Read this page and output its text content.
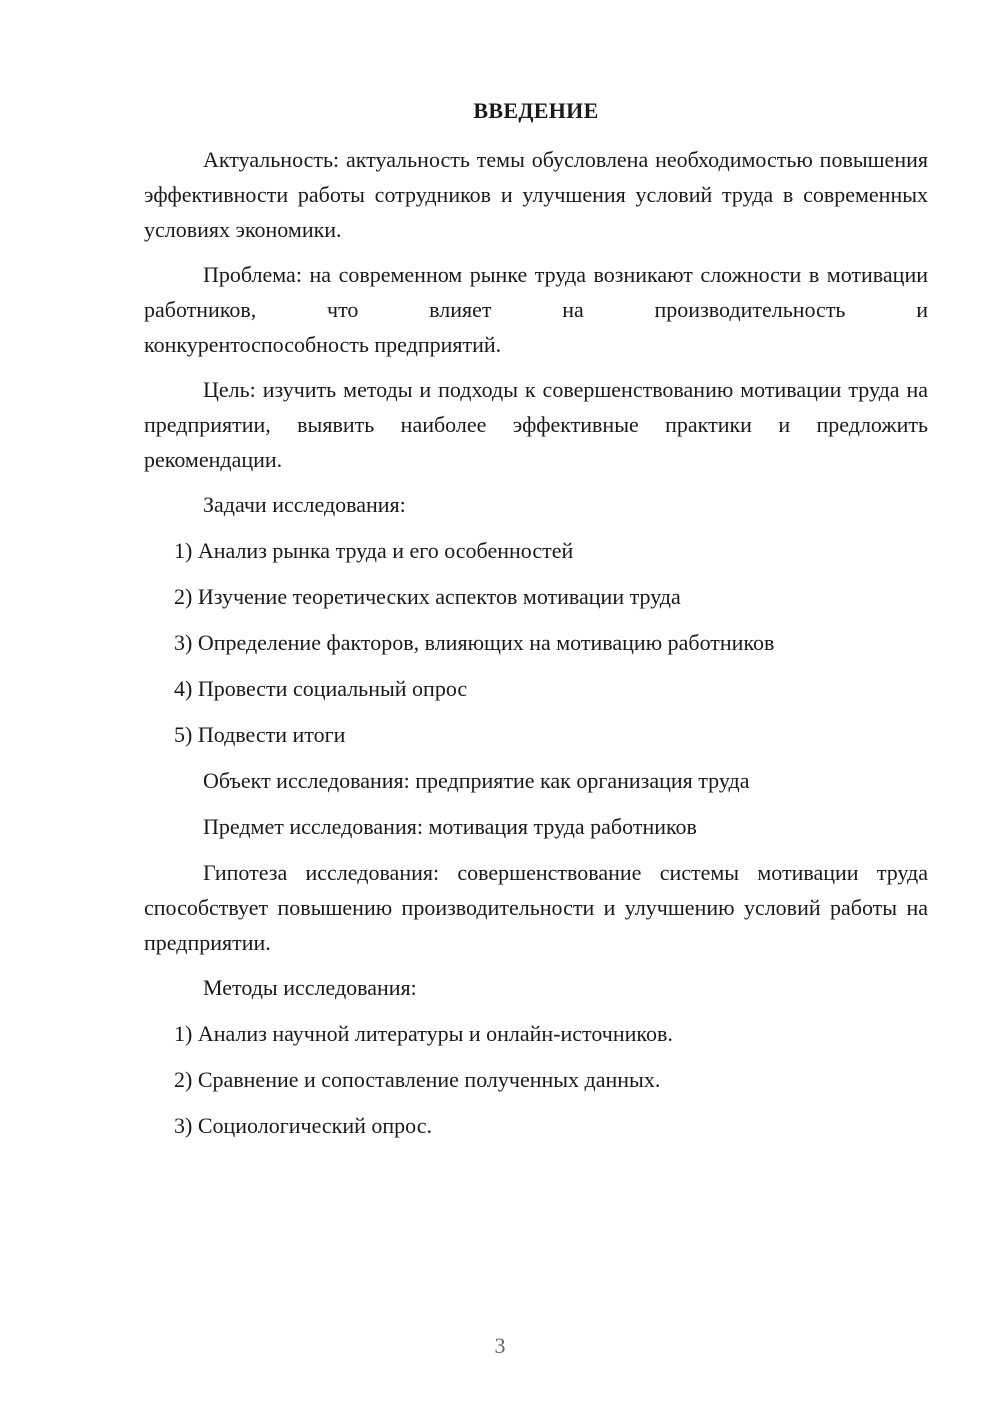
ВВЕДЕНИЕ

Актуальность: актуальность темы обусловлена необходимостью повышения эффективности работы сотрудников и улучшения условий труда в современных условиях экономики.

Проблема: на современном рынке труда возникают сложности в мотивации работников, что влияет на производительность и

конкурентоспособность предприятий.

Цель: изучить методы и подходы к совершенствованию мотивации труда на предприятии, выявить наиболее эффективные практики и предложить рекомендации.

Задачи исследования:
1) Анализ рынка труда и его особенностей
2) Изучение теоретических аспектов мотивации труда
3) Определение факторов, влияющих на мотивацию работников
4) Провести социальный опрос
5) Подвести итоги
Объект исследования: предприятие как организация труда
Предмет исследования: мотивация труда работников

Гипотеза исследования: совершенствование системы мотивации труда способствует повышению производительности и улучшению условий работы на предприятии.

Методы исследования:
1) Анализ научной литературы и онлайн-источников.
2) Сравнение и сопоставление полученных данных.
3) Социологический опрос.
3
